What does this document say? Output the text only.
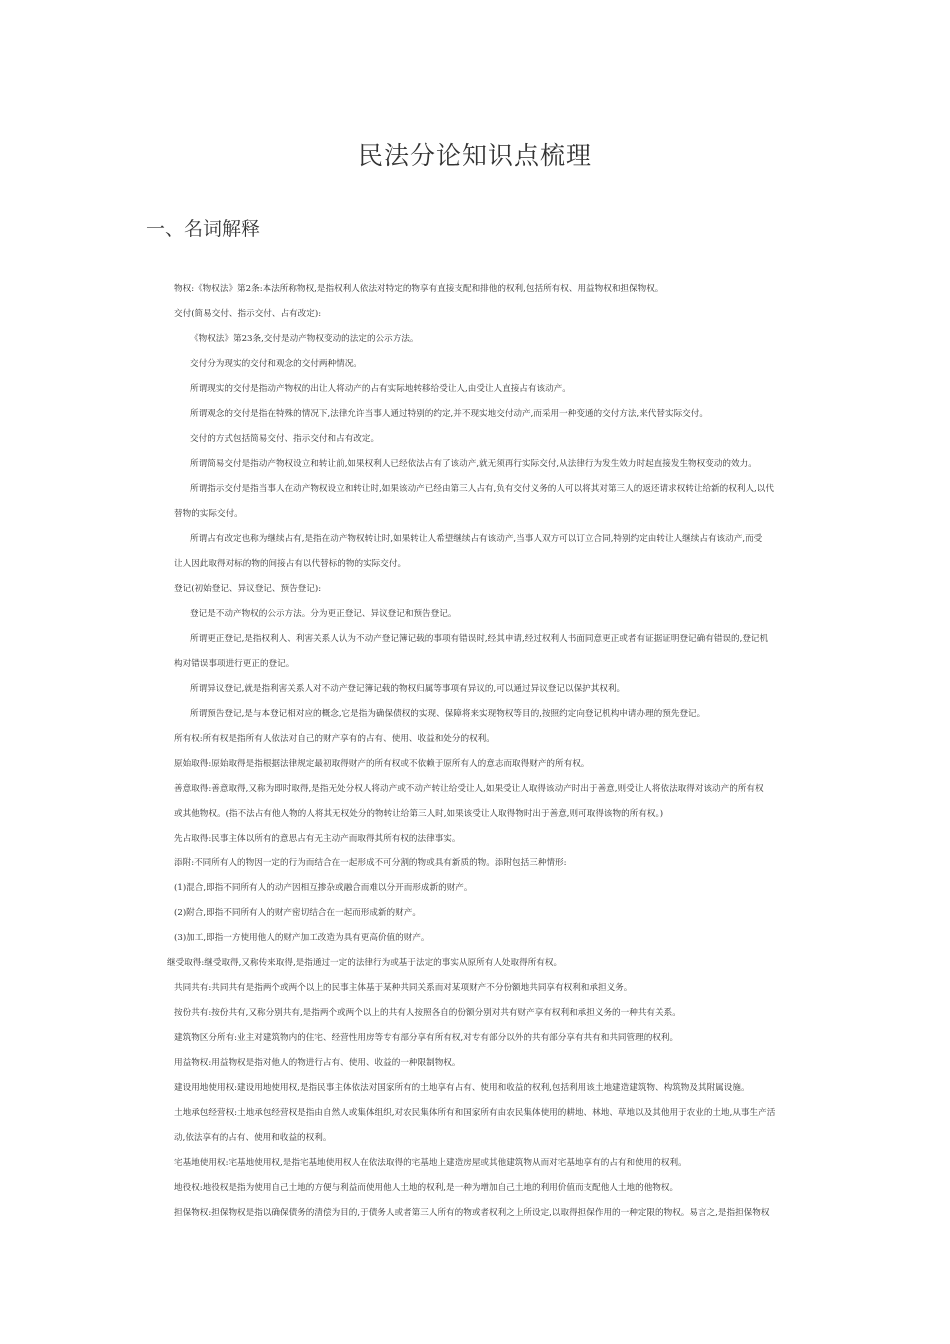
民法分论知识点梳理
一、名词解释
物权:《物权法》第2条:本法所称物权,是指权利人依法对特定的物享有直接支配和排他的权利,包括所有权、用益物权和担保物权。
交付(简易交付、指示交付、占有改定):
《物权法》第23条,交付是动产物权变动的法定的公示方法。
交付分为现实的交付和观念的交付两种情况。
所谓现实的交付是指动产物权的出让人将动产的占有实际地转移给受让人,由受让人直接占有该动产。
所谓观念的交付是指在特殊的情况下,法律允许当事人通过特别的约定,并不现实地交付动产,而采用一种变通的交付方法,来代替实际交付。
交付的方式包括简易交付、指示交付和占有改定。
所谓简易交付是指动产物权设立和转让前,如果权利人已经依法占有了该动产,就无须再行实际交付,从法律行为发生效力时起直接发生物权变动的效力。
所谓指示交付是指当事人在动产物权设立和转让时,如果该动产已经由第三人占有,负有交付义务的人可以将其对第三人的返还请求权转让给新的权利人,以代
替物的实际交付。
所谓占有改定也称为继续占有,是指在动产物权转让时,如果转让人希望继续占有该动产,当事人双方可以订立合同,特别约定由转让人继续占有该动产,而受
让人因此取得对标的物的间接占有以代替标的物的实际交付。
登记(初始登记、异议登记、预告登记):
登记是不动产物权的公示方法。分为更正登记、异议登记和预告登记。
所谓更正登记,是指权利人、利害关系人认为不动产登记簿记载的事项有错误时,经其申请,经过权利人书面同意更正或者有证据证明登记确有错误的,登记机
构对错误事项进行更正的登记。
所谓异议登记,就是指利害关系人对不动产登记簿记载的物权归属等事项有异议的,可以通过异议登记以保护其权利。
所谓预告登记,是与本登记相对应的概念,它是指为确保债权的实现、保障将来实现物权等目的,按照约定向登记机构申请办理的预先登记。
所有权:所有权是指所有人依法对自己的财产享有的占有、使用、收益和处分的权利。
原始取得:原始取得是指根据法律规定最初取得财产的所有权或不依赖于原所有人的意志而取得财产的所有权。
善意取得:善意取得,又称为即时取得,是指无处分权人将动产或不动产转让给受让人,如果受让人取得该动产时出于善意,则受让人将依法取得对该动产的所有权
或其他物权。(指不法占有他人物的人将其无权处分的物转让给第三人时,如果该受让人取得物时出于善意,则可取得该物的所有权。)
先占取得:民事主体以所有的意思占有无主动产而取得其所有权的法律事实。
添附:不同所有人的物因一定的行为而结合在一起形成不可分割的物或具有新质的物。添附包括三种情形:
(1)混合,即指不同所有人的动产因相互掺杂或融合而难以分开而形成新的财产。
(2)附合,即指不同所有人的财产密切结合在一起而形成新的财产。
(3)加工,即指一方使用他人的财产加工改造为具有更高价值的财产。
继受取得:继受取得,又称传来取得,是指通过一定的法律行为或基于法定的事实从原所有人处取得所有权。
共同共有:共同共有是指两个或两个以上的民事主体基于某种共同关系而对某项财产不分份额地共同享有权利和承担义务。
按份共有:按份共有,又称分别共有,是指两个或两个以上的共有人按照各自的份额分别对共有财产享有权利和承担义务的一种共有关系。
建筑物区分所有:业主对建筑物内的住宅、经营性用房等专有部分享有所有权,对专有部分以外的共有部分享有共有和共同管理的权利。
用益物权:用益物权是指对他人的物进行占有、使用、收益的一种限制物权。
建设用地使用权:建设用地使用权,是指民事主体依法对国家所有的土地享有占有、使用和收益的权利,包括利用该土地建造建筑物、构筑物及其附属设施。
土地承包经营权:土地承包经营权是指由自然人或集体组织,对农民集体所有和国家所有由农民集体使用的耕地、林地、草地以及其他用于农业的土地,从事生产活
动,依法享有的占有、使用和收益的权利。
宅基地使用权:宅基地使用权,是指宅基地使用权人在依法取得的宅基地上建造房屋或其他建筑物从而对宅基地享有的占有和使用的权利。
地役权:地役权是指为使用自己土地的方便与利益而使用他人土地的权利,是一种为增加自己土地的利用价值而支配他人土地的他物权。
担保物权:担保物权是指以确保债务的清偿为目的,于债务人或者第三人所有的物或者权利之上所设定,以取得担保作用的一种定限的物权。易言之,是指担保物权
